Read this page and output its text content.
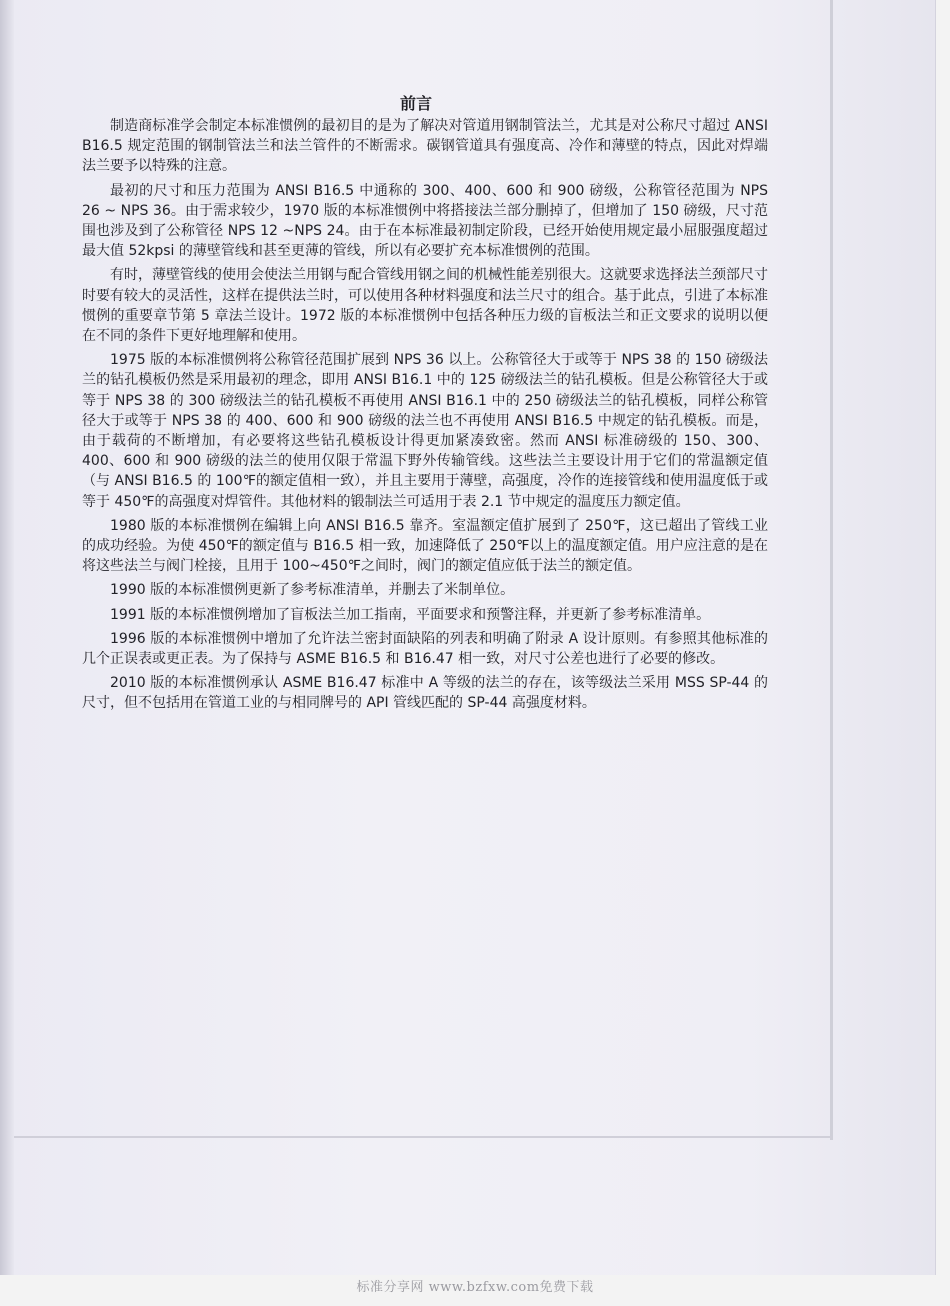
前言

制造商标准学会制定本标准惯例的最初目的是为了解决对管道用钢制管法兰，尤其是对公称尺寸超过 ANSI B16.5 规定范围的钢制管法兰和法兰管件的不断需求。碳钢管道具有强度高、冷作和薄壁的特点，因此对焊端法兰要予以特殊的注意。

最初的尺寸和压力范围为 ANSI B16.5 中通称的 300、400、600 和 900 磅级，公称管径范围为 NPS 26 ~ NPS 36。由于需求较少，1970 版的本标准惯例中将搭接法兰部分删掉了，但增加了 150 磅级，尺寸范围也涉及到了公称管径 NPS 12 ~NPS 24。由于在本标准最初制定阶段，已经开始使用规定最小屈服强度超过最大值 52kpsi 的薄壁管线和甚至更薄的管线，所以有必要扩充本标准惯例的范围。

有时，薄壁管线的使用会使法兰用钢与配合管线用钢之间的机械性能差别很大。这就要求选择法兰颈部尺寸时要有较大的灵活性，这样在提供法兰时，可以使用各种材料强度和法兰尺寸的组合。基于此点，引进了本标准惯例的重要章节第 5 章法兰设计。1972 版的本标准惯例中包括各种压力级的盲板法兰和正文要求的说明以便在不同的条件下更好地理解和使用。

1975 版的本标准惯例将公称管径范围扩展到 NPS 36 以上。公称管径大于或等于 NPS 38 的 150 磅级法兰的钻孔模板仍然是采用最初的理念，即用 ANSI B16.1 中的 125 磅级法兰的钻孔模板。但是公称管径大于或等于 NPS 38 的 300 磅级法兰的钻孔模板不再使用 ANSI B16.1 中的 250 磅级法兰的钻孔模板，同样公称管径大于或等于 NPS 38 的 400、600 和 900 磅级的法兰也不再使用 ANSI B16.5 中规定的钻孔模板。而是，由于载荷的不断增加，有必要将这些钻孔模板设计得更加紧凑致密。然而 ANSI 标准磅级的 150、300、400、600 和 900 磅级的法兰的使用仅限于常温下野外传输管线。这些法兰主要设计用于它们的常温额定值（与 ANSI B16.5 的 100℉的额定值相一致），并且主要用于薄壁，高强度，冷作的连接管线和使用温度低于或等于 450℉的高强度对焊管件。其他材料的锻制法兰可适用于表 2.1 节中规定的温度压力额定值。

1980 版的本标准惯例在编辑上向 ANSI B16.5 靠齐。室温额定值扩展到了 250℉，这已超出了管线工业的成功经验。为使 450℉的额定值与 B16.5 相一致，加速降低了 250℉以上的温度额定值。用户应注意的是在将这些法兰与阀门栓接，且用于 100~450℉之间时，阀门的额定值应低于法兰的额定值。

1990 版的本标准惯例更新了参考标准清单，并删去了米制单位。

1991 版的本标准惯例增加了盲板法兰加工指南，平面要求和预警注释，并更新了参考标准清单。

1996 版的本标准惯例中增加了允许法兰密封面缺陷的列表和明确了附录 A 设计原则。有参照其他标准的几个正误表或更正表。为了保持与 ASME B16.5 和 B16.47 相一致，对尺寸公差也进行了必要的修改。

2010 版的本标准惯例承认 ASME B16.47 标准中 A 等级的法兰的存在，该等级法兰采用 MSS SP-44 的尺寸，但不包括用在管道工业的与相同牌号的 API 管线匹配的 SP-44 高强度材料。

标准分享网 www.bzfxw.com免费下载
